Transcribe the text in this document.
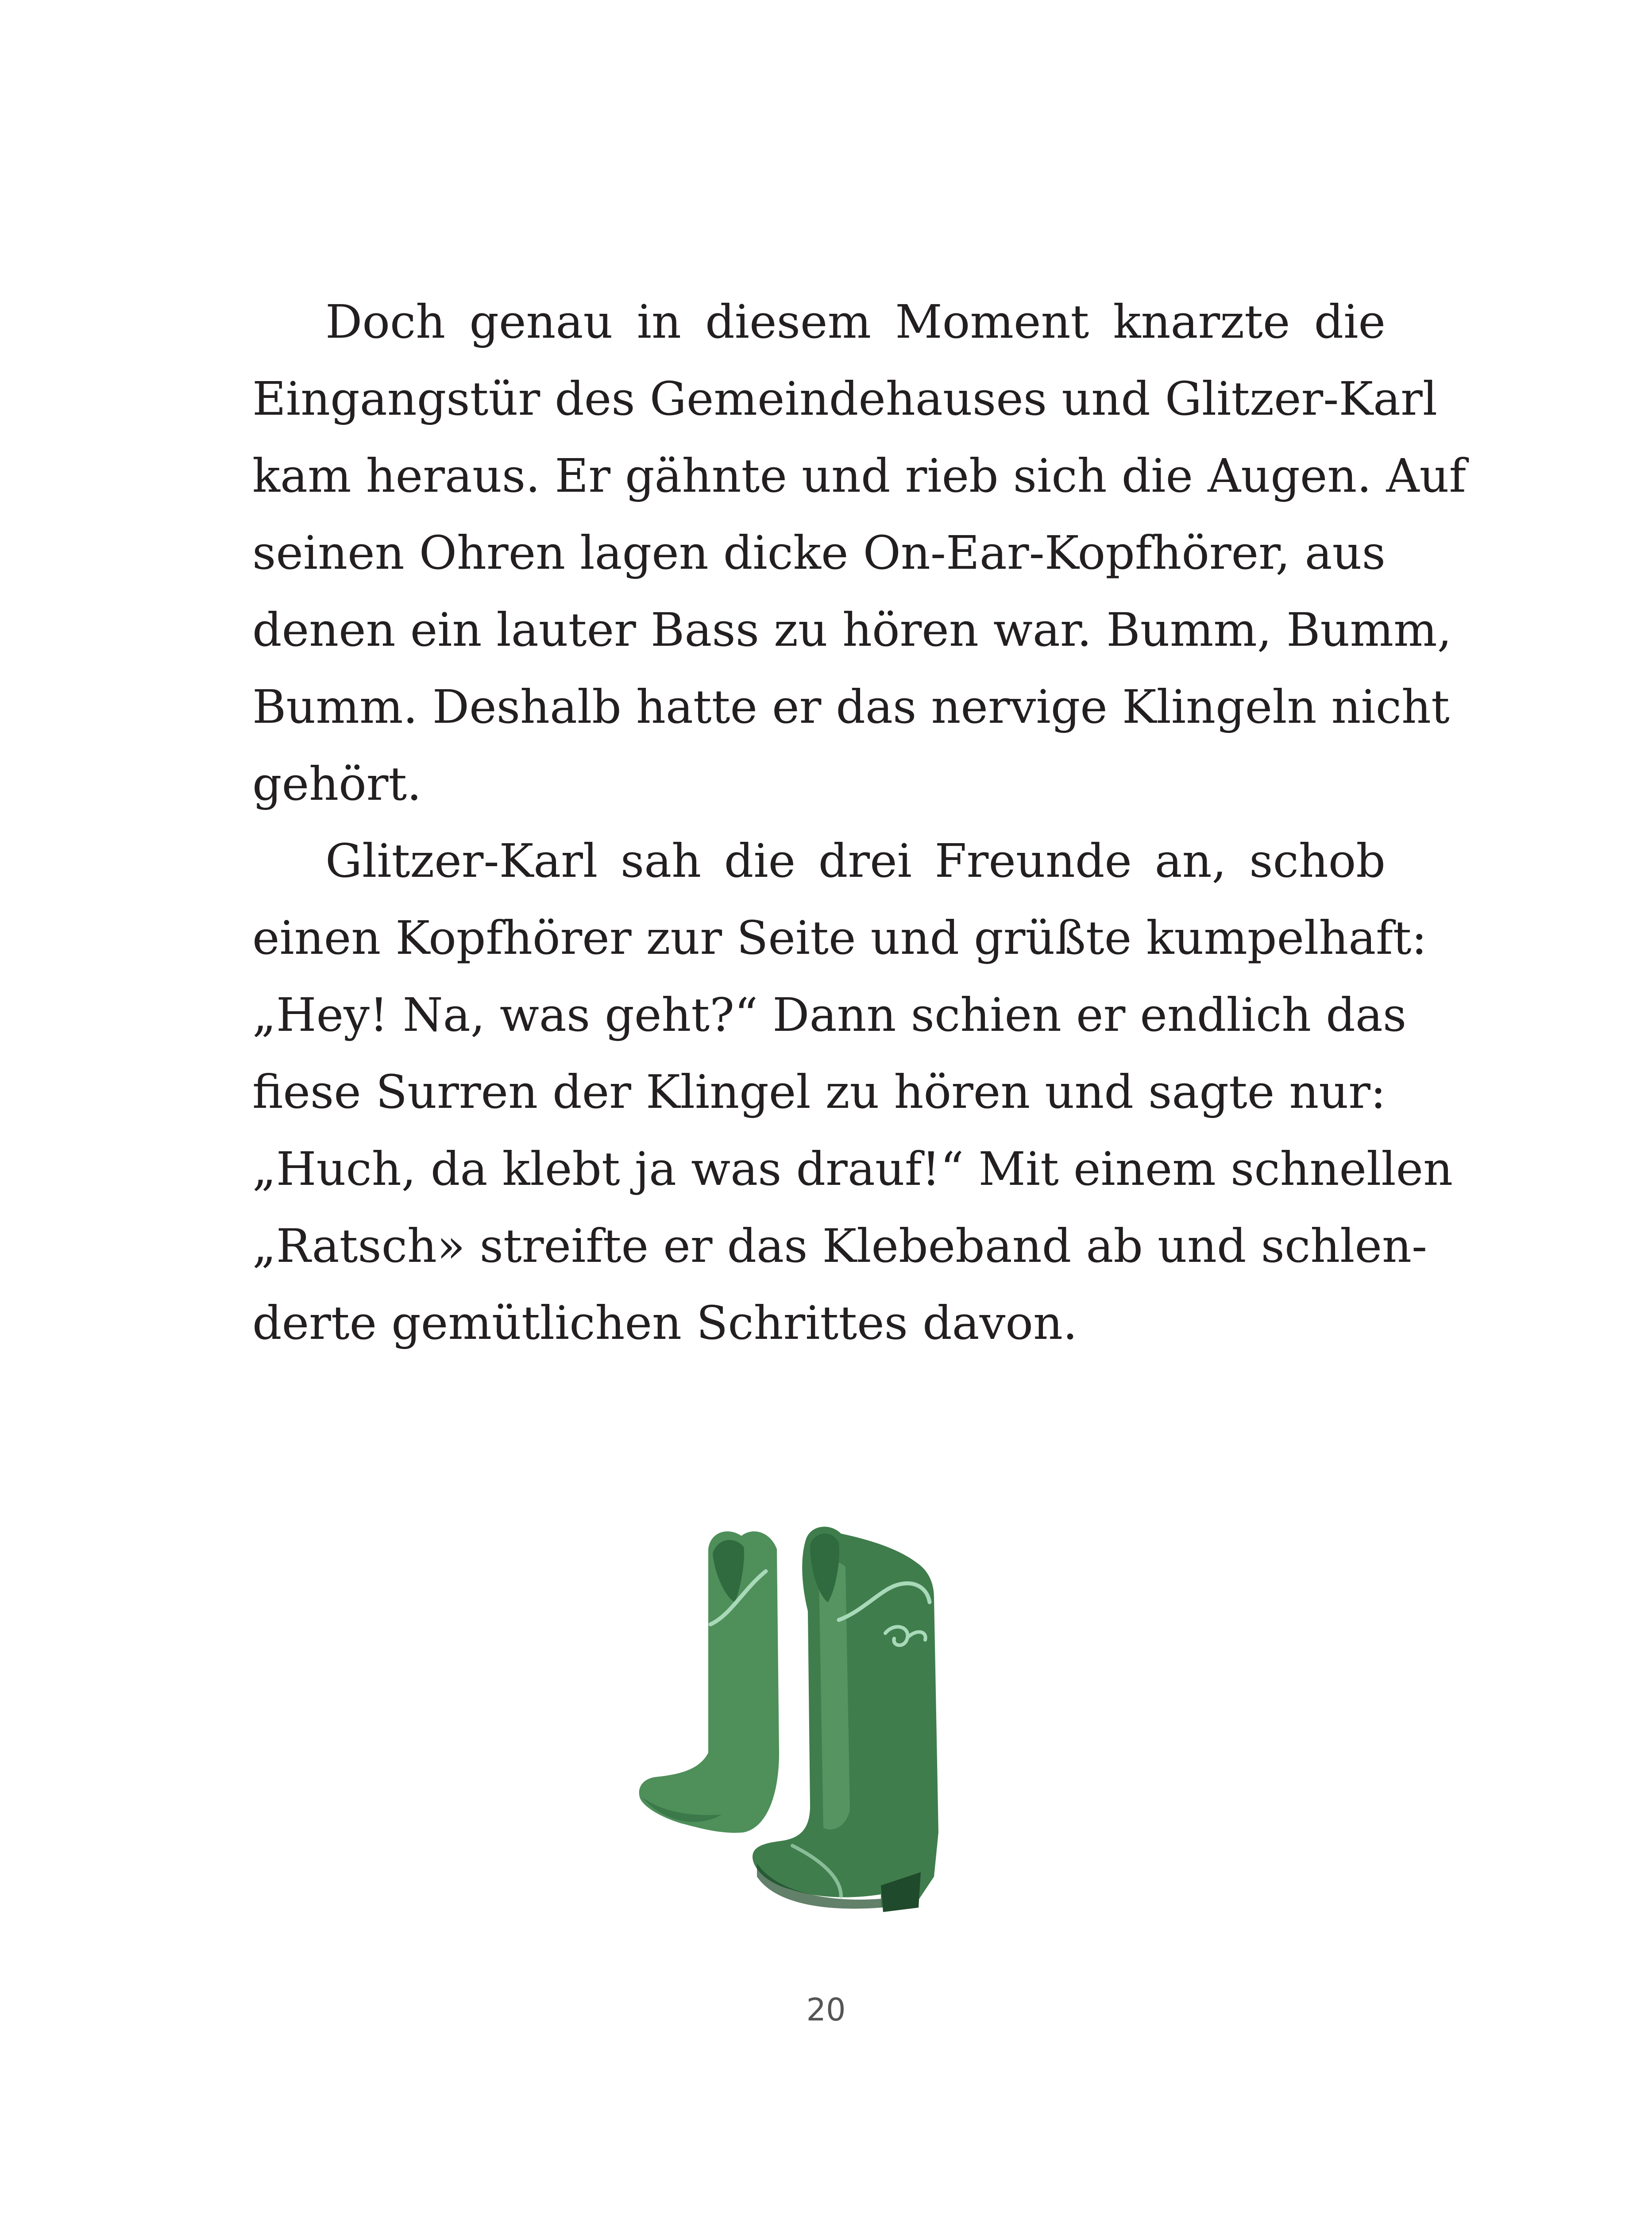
Doch genau in diesem Moment knarzte die
Eingangstür des Gemeindehauses und Glitzer-Karl
kam heraus. Er gähnte und rieb sich die Augen. Auf
seinen Ohren lagen dicke On-Ear-Kopfhörer, aus
denen ein lauter Bass zu hören war. Bumm, Bumm,
Bumm. Deshalb hatte er das nervige Klingeln nicht
gehört.

Glitzer-Karl sah die drei Freunde an, schob
einen Kopfhörer zur Seite und grüßte kumpelhaft:
„Hey! Na, was geht?“ Dann schien er endlich das
fiese Surren der Klingel zu hören und sagte nur:
„Huch, da klebt ja was drauf!“ Mit einem schnellen
„Ratsch» streifte er das Klebeband ab und schlen-
derte gemütlichen Schrittes davon.

20
